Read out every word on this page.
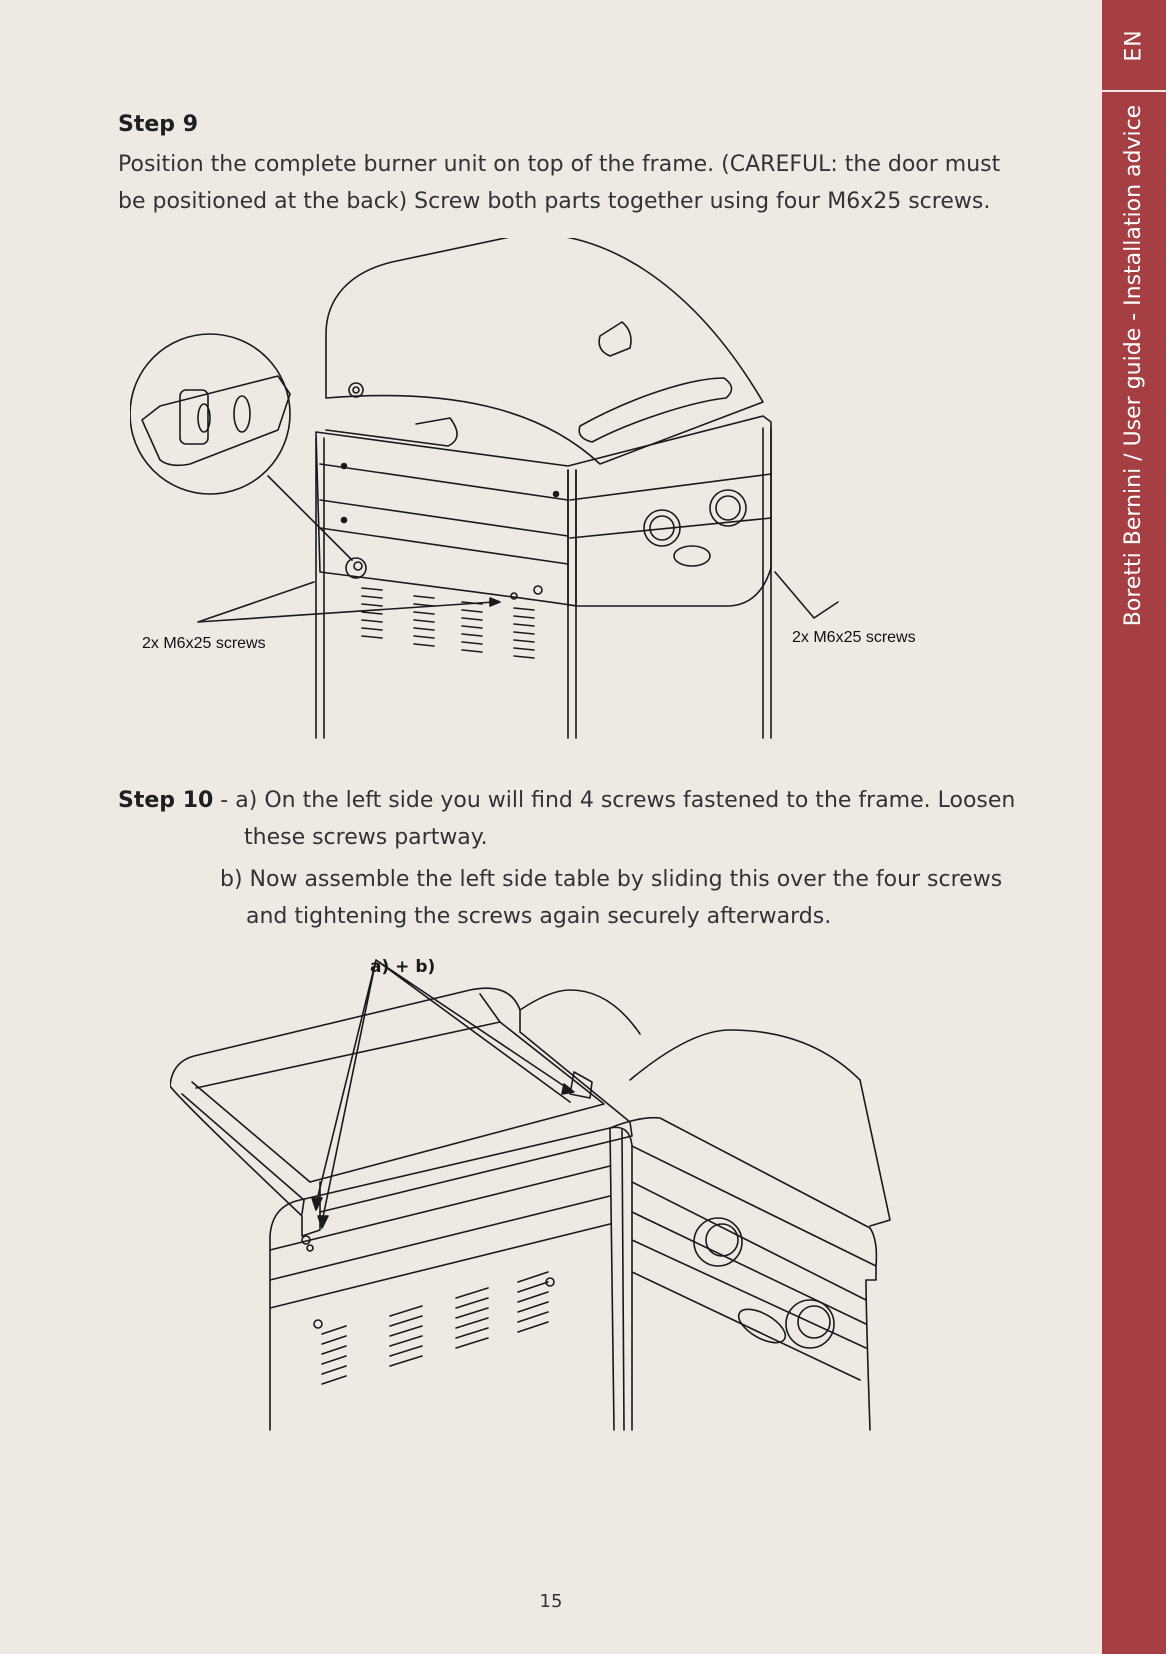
EN
Boretti Bernini / User guide - Installation advice
Step 9
Position the complete burner unit on top of the frame. (CAREFUL: the door must be positioned at the back) Screw both parts together using four M6x25 screws.
2x M6x25 screws	2x M6x25 screws
Step 10 - a) On the left side you will find 4 screws fastened to the frame. Loosen
these screws partway.
b) Now assemble the left side table by sliding this over the four screws
and tightening the screws again securely afterwards.
a) + b)
15
